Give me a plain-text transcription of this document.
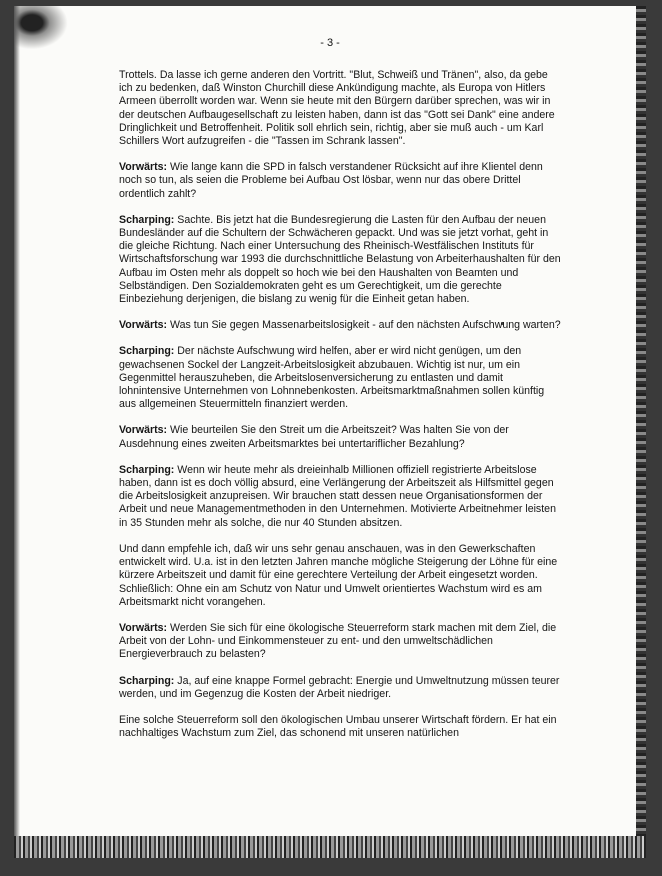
- 3 -

Trottels. Da lasse ich gerne anderen den Vortritt. "Blut, Schweiß und Tränen", also, da gebe ich zu bedenken, daß Winston Churchill diese Ankündigung machte, als Europa von Hitlers Armeen überrollt worden war. Wenn sie heute mit den Bürgern darüber sprechen, was wir in der deutschen Aufbaugesellschaft zu leisten haben, dann ist das "Gott sei Dank" eine andere Dringlichkeit und Betroffenheit. Politik soll ehrlich sein, richtig, aber sie muß auch - um Karl Schillers Wort aufzugreifen - die "Tassen im Schrank lassen".

Vorwärts: Wie lange kann die SPD in falsch verstandener Rücksicht auf ihre Klientel denn noch so tun, als seien die Probleme bei Aufbau Ost lösbar, wenn nur das obere Drittel ordentlich zahlt?

Scharping: Sachte. Bis jetzt hat die Bundesregierung die Lasten für den Aufbau der neuen Bundesländer auf die Schultern der Schwächeren gepackt. Und was sie jetzt vorhat, geht in die gleiche Richtung. Nach einer Untersuchung des Rheinisch-Westfälischen Instituts für Wirtschaftsforschung war 1993 die durchschnittliche Belastung von Arbeiterhaushalten für den Aufbau im Osten mehr als doppelt so hoch wie bei den Haushalten von Beamten und Selbständigen. Den Sozialdemokraten geht es um Gerechtigkeit, um die gerechte Einbeziehung derjenigen, die bislang zu wenig für die Einheit getan haben.

Vorwärts: Was tun Sie gegen Massenarbeitslosigkeit - auf den nächsten Aufschwung warten?

Scharping: Der nächste Aufschwung wird helfen, aber er wird nicht genügen, um den gewachsenen Sockel der Langzeit-Arbeitslosigkeit abzubauen. Wichtig ist nur, um ein Gegenmittel herauszuheben, die Arbeitslosenversicherung zu entlasten und damit lohnintensive Unternehmen von Lohnnebenkosten. Arbeitsmarktmaßnahmen sollen künftig aus allgemeinen Steuermitteln finanziert werden.

Vorwärts: Wie beurteilen Sie den Streit um die Arbeitszeit? Was halten Sie von der Ausdehnung eines zweiten Arbeitsmarktes bei untertariflicher Bezahlung?

Scharping: Wenn wir heute mehr als dreieinhalb Millionen offiziell registrierte Arbeitslose haben, dann ist es doch völlig absurd, eine Verlängerung der Arbeitszeit als Hilfsmittel gegen die Arbeitslosigkeit anzupreisen. Wir brauchen statt dessen neue Organisationsformen der Arbeit und neue Managementmethoden in den Unternehmen. Motivierte Arbeitnehmer leisten in 35 Stunden mehr als solche, die nur 40 Stunden absitzen.

Und dann empfehle ich, daß wir uns sehr genau anschauen, was in den Gewerkschaften entwickelt wird. U.a. ist in den letzten Jahren manche mögliche Steigerung der Löhne für eine kürzere Arbeitszeit und damit für eine gerechtere Verteilung der Arbeit eingesetzt worden. Schließlich: Ohne ein am Schutz von Natur und Umwelt orientiertes Wachstum wird es am Arbeitsmarkt nicht vorangehen.

Vorwärts: Werden Sie sich für eine ökologische Steuerreform stark machen mit dem Ziel, die Arbeit von der Lohn- und Einkommensteuer zu ent- und den umweltschädlichen Energieverbrauch zu belasten?

Scharping: Ja, auf eine knappe Formel gebracht: Energie und Umweltnutzung müssen teurer werden, und im Gegenzug die Kosten der Arbeit niedriger.

Eine solche Steuerreform soll den ökologischen Umbau unserer Wirtschaft fördern. Er hat ein nachhaltiges Wachstum zum Ziel, das schonend mit unseren natürlichen
